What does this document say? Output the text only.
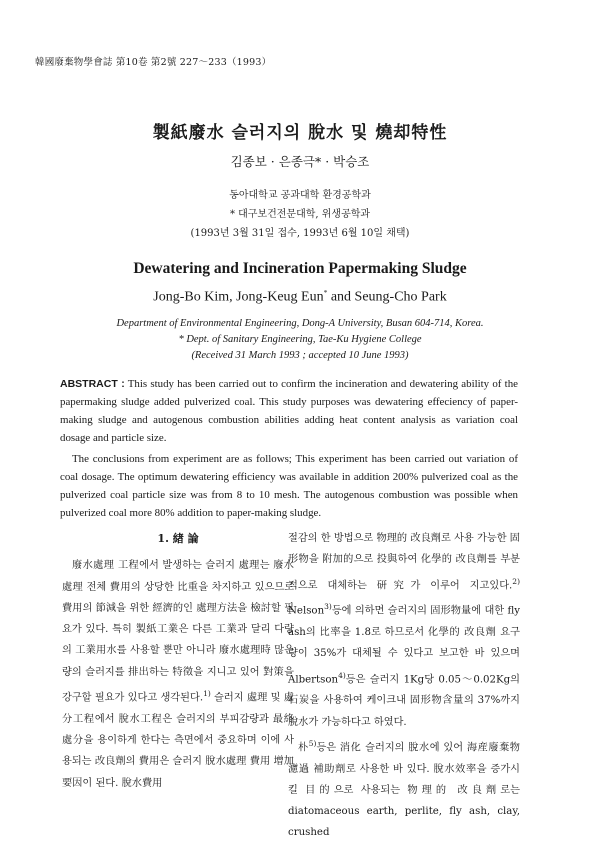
韓國廢棄物學會誌 第10卷 第2號 227〜233（1993）
製紙廢水 슬러지의 脫水 및 燒却特性
김종보 · 은종극* · 박승조
동아대학교 공과대학 환경공학과
* 대구보건전문대학, 위생공학과
(1993년 3월 31일 접수, 1993년 6월 10일 채택)
Dewatering and Incineration Papermaking Sludge
Jong-Bo Kim, Jong-Keug Eun* and Seung-Cho Park
Department of Environmental Engineering, Dong-A University, Busan 604-714, Korea.
* Dept. of Sanitary Engineering, Tae-Ku Hygiene College
(Received 31 March 1993 ; accepted 10 June 1993)

ABSTRACT : This study has been carried out to confirm the incineration and dewatering ability of the papermaking sludge added pulverized coal. This study purposes was dewatering effeciency of paper-making sludge and autogenous combustion abilities adding heat content analysis as variation coal dosage and particle size.

The conclusions from experiment are as follows; This experiment has been carried out variation of coal dosage. The optimum dewatering efficiency was available in addition 200% pulverized coal as the pulverized coal particle size was from 8 to 10 mesh. The autogenous combustion was possible when pulverized coal more 80% addition to paper-making sludge.

1. 緖 論

廢水處理 工程에서 발생하는 슬러지 處理는 廢水處理 전체 費用의 상당한 比重을 차지하고 있으므로 費用의 節減을 위한 經濟的인 處理方法을 檢討할 필요가 있다. 특히 製紙工業은 다른 工業과 달리 다량의 工業用水를 사용할 뿐만 아니라 廢水處理時 많은 량의 슬러지를 排出하는 特徵을 지니고 있어 對策을 강구할 필요가 있다고 생각된다.$^{1)}$ 슬러지 處理 및 處分工程에서 脫水工程은 슬러지의 부피감량과 最終處分을 용이하게 한다는 측면에서 중요하며 이에 사용되는 改良劑의 費用은 슬러지 脫水處理 費用 增加要因이 된다. 脫水費用

절감의 한 방법으로 物理的 改良劑로 사용 가능한 固形物을 附加的으로 投與하여 化學的 改良劑를 부분적으로 대체하는 研究가 이루어 지고있다.$^{2)}$ Nelson$^{3)}$등에 의하면 슬러지의 固形物量에 대한 fly ash의 比率을 1.8로 하므로서 化學的 改良劑 요구량이 35%가 대체될 수 있다고 보고한 바 있으며 Albertson$^{4)}$등은 슬러지 1Kg당 0.05〜0.02Kg의 石炭을 사용하여 케이크내 固形物含量의 37%까지 脫水가 가능하다고 하였다.

朴$^{5)}$등은 消化 슬러지의 脫水에 있어 海産廢棄物 濾過 補助劑로 사용한 바 있다. 脫水效率을 증가시킬 目的으로 사용되는 物理的 改良劑로는 diatomaceous earth, perlite, fly ash, clay, crushed
